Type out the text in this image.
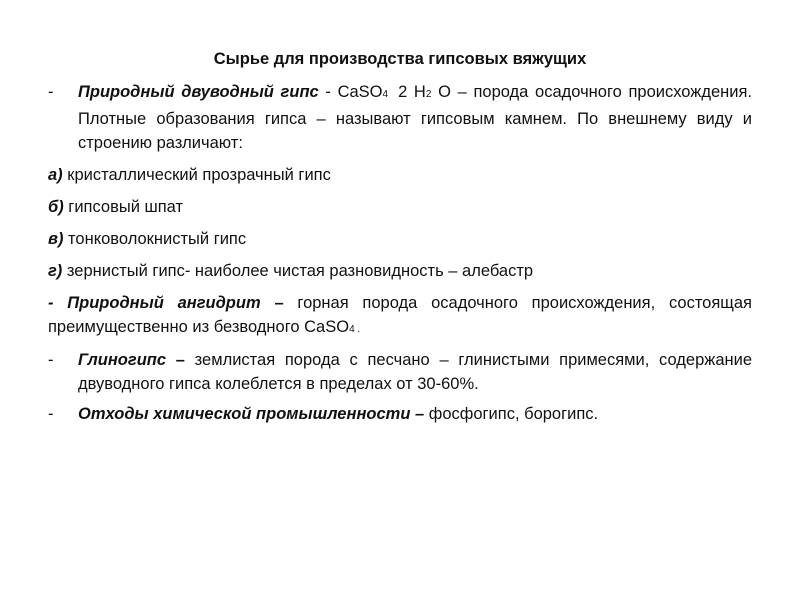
Сырье для производства гипсовых вяжущих
-	Природный двуводный гипс - CaSO4 2 H2 O – порода осадочного происхождения. Плотные образования гипса – называют гипсовым камнем. По внешнему виду и строению различают:
а) кристаллический прозрачный гипс
б) гипсовый шпат
в) тонковолокнистый гипс
г) зернистый гипс- наиболее чистая разновидность – алебастр
- Природный ангидрит – горная порода осадочного происхождения, состоящая преимущественно из безводного CaSO4 .
-	Глиногипс – землистая порода с песчано – глинистыми примесями, содержание двуводного гипса колеблется в пределах от 30-60%.
-	Отходы химической промышленности – фосфогипс, борогипс.
